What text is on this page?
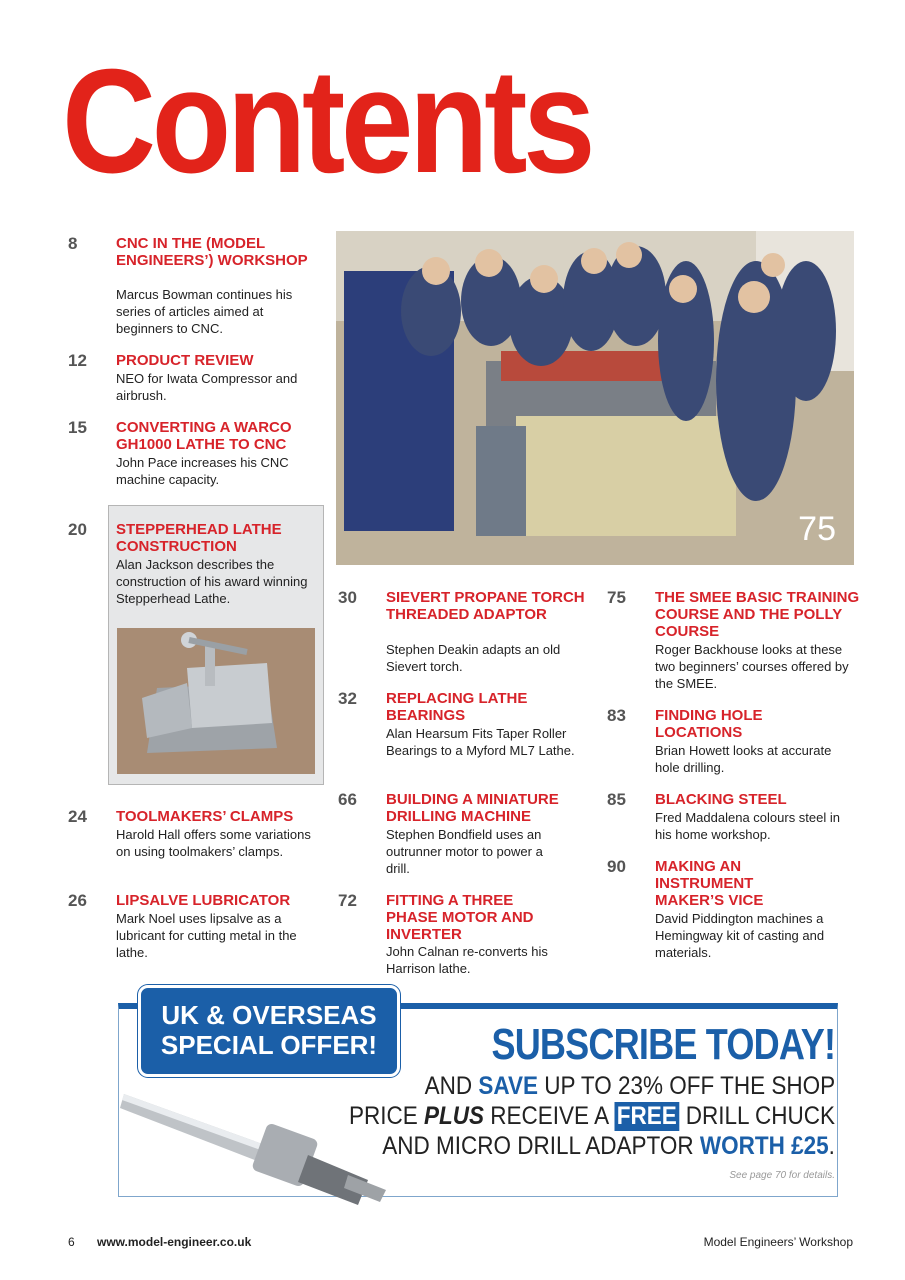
Contents
8	CNC IN THE (MODEL ENGINEERS’) WORKSHOP
Marcus Bowman continues his series of articles aimed at beginners to CNC.
12 PRODUCT REVIEW
NEO for Iwata Compressor and airbrush.
15 CONVERTING A WARCO GH1000 LATHE TO CNC
John Pace increases his CNC machine capacity.
20 STEPPERHEAD LATHE CONSTRUCTION
Alan Jackson describes the construction of his award winning Stepperhead Lathe.
24 TOOLMAKERS’ CLAMPS
Harold Hall offers some variations on using toolmakers’ clamps.
26 LIPSALVE LUBRICATOR
Mark Noel uses lipsalve as a lubricant for cutting metal in the lathe.
75
30 SIEVERT PROPANE TORCH THREADED ADAPTOR
Stephen Deakin adapts an old Sievert torch.
32 REPLACING LATHE BEARINGS
Alan Hearsum Fits Taper Roller Bearings to a Myford ML7 Lathe.
66 BUILDING A MINIATURE DRILLING MACHINE
Stephen Bondfield uses an outrunner motor to power a drill.
72 FITTING A THREE PHASE MOTOR AND INVERTER
John Calnan re-converts his Harrison lathe.
75 THE SMEE BASIC TRAINING COURSE AND THE POLLY COURSE
Roger Backhouse looks at these two beginners’ courses offered by the SMEE.
83 FINDING HOLE LOCATIONS
Brian Howett looks at accurate hole drilling.
85 BLACKING STEEL
Fred Maddalena colours steel in his home workshop.
90 MAKING AN INSTRUMENT MAKER’S VICE
David Piddington machines a Hemingway kit of casting and materials.
UK & OVERSEAS
SPECIAL OFFER!	SUBSCRIBE TODAY!
AND SAVE UP TO 23% OFF THE SHOP
PRICE PLUS RECEIVE A FREE DRILL CHUCK
AND MICRO DRILL ADAPTOR WORTH £25.
See page 70 for details.
6 www.model-engineer.co.uk	Model Engineers’ Workshop
